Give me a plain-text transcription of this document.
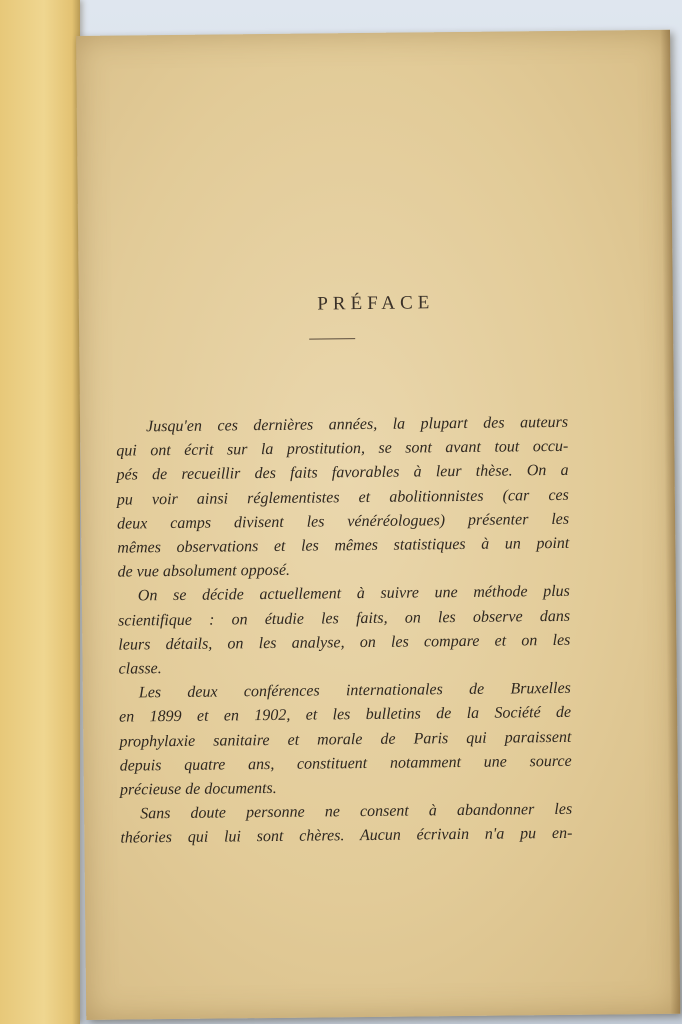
PRÉFACE
Jusqu'en ces dernières années, la plupart des auteurs
qui ont écrit sur la prostitution, se sont avant tout occu-
pés de recueillir des faits favorables à leur thèse. On a
pu voir ainsi réglementistes et abolitionnistes (car ces
deux camps divisent les vénéréologues) présenter les
mêmes observations et les mêmes statistiques à un point
de vue absolument opposé.
On se décide actuellement à suivre une méthode plus
scientifique : on étudie les faits, on les observe dans
leurs détails, on les analyse, on les compare et on les
classe.
Les deux conférences internationales de Bruxelles
en 1899 et en 1902, et les bulletins de la Société de
prophylaxie sanitaire et morale de Paris qui paraissent
depuis quatre ans, constituent notamment une source
précieuse de documents.
Sans doute personne ne consent à abandonner les
théories qui lui sont chères. Aucun écrivain n'a pu en-
